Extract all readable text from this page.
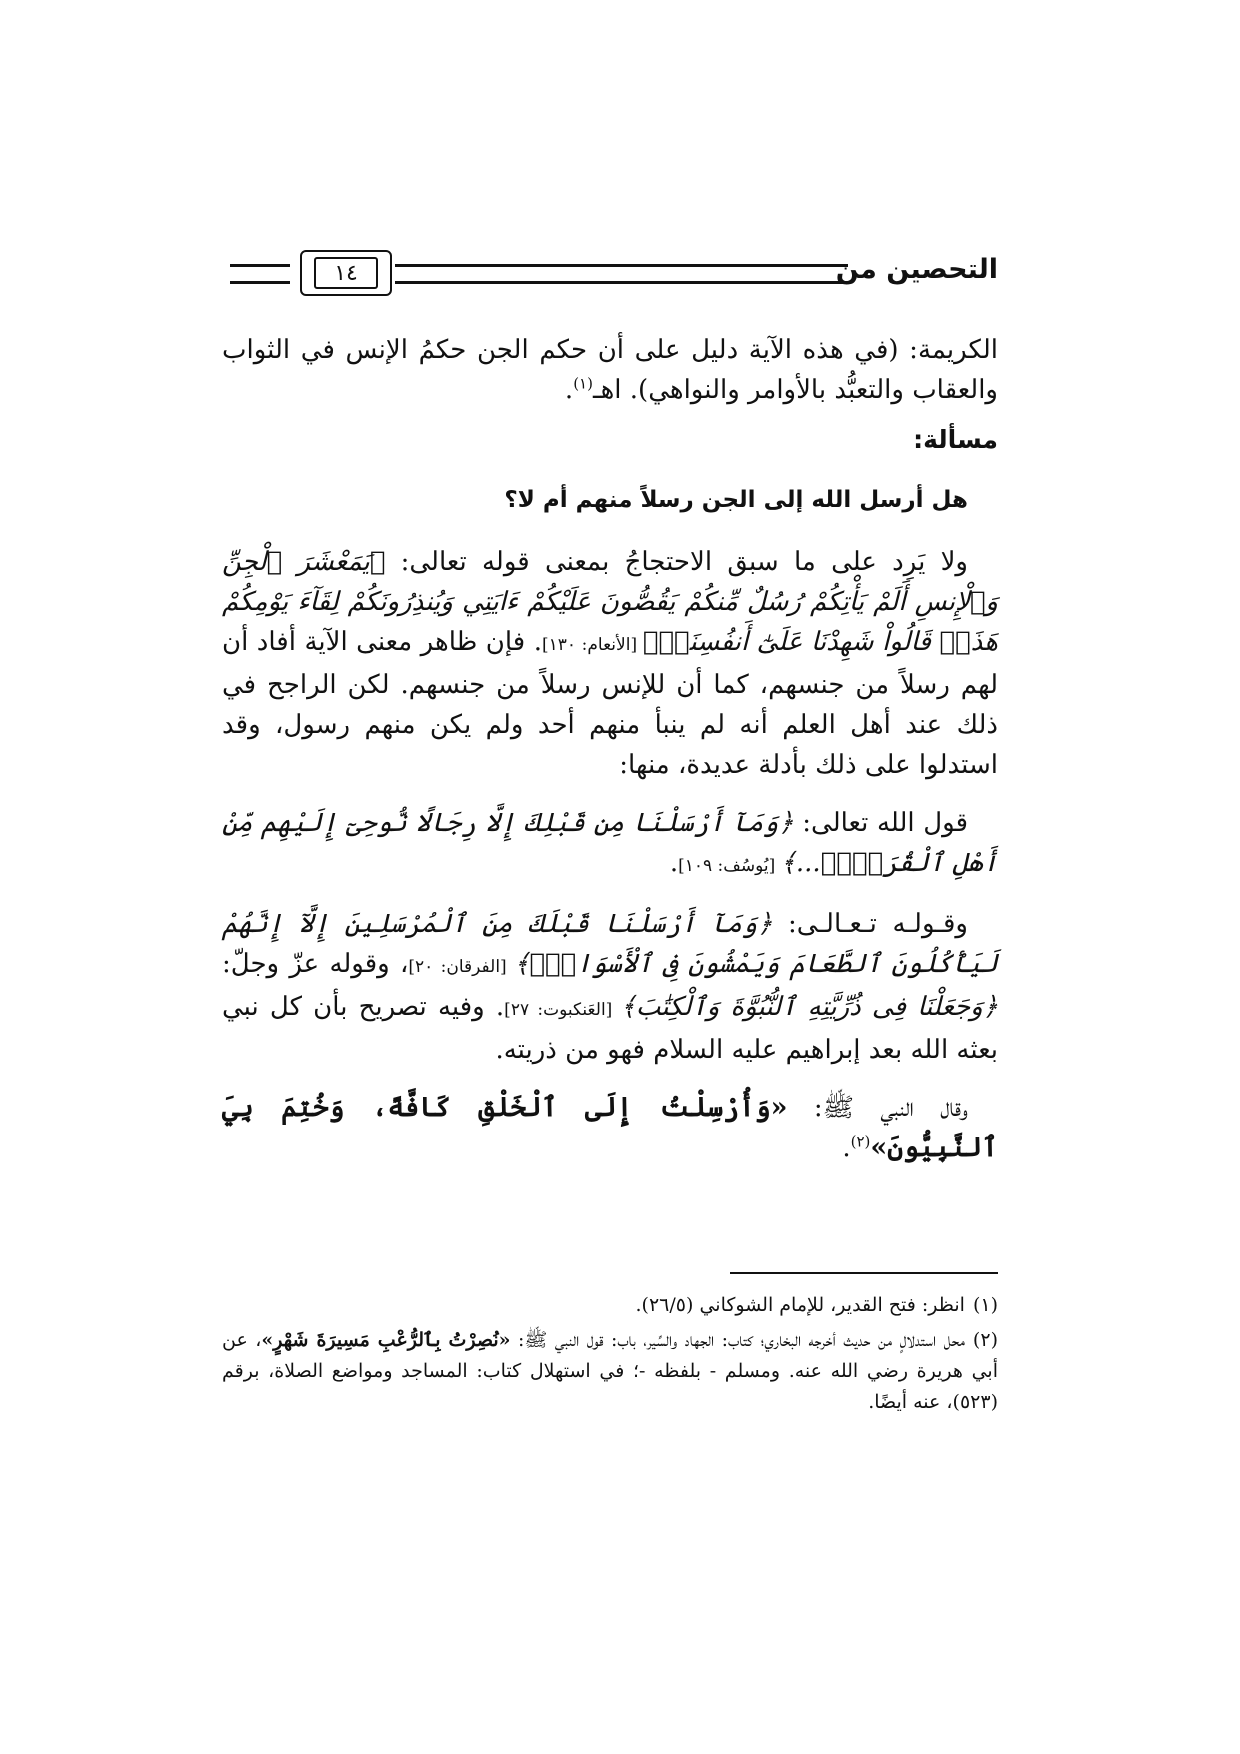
التحصين من
١٤

الكريمة: (في هذه الآية دليل على أن حكم الجن حكمُ الإنس في الثواب والعقاب والتعبُّد بالأوامر والنواهي). اهـ$^{(١)}$.

مسألة:

هل أرسل الله إلى الجن رسلاً منهم أم لا؟

ولا يَرِد على ما سبق الاحتجاجُ بمعنى قوله تعالى: ﴿يَمَعْشَرَ ٱلْجِنِّ وَٱلْإِنسِ أَلَمْ يَأْتِكُمْ رُسُلٌ مِّنكُمْ يَقُصُّونَ عَلَيْكُمْ ءَايَتِي وَيُنذِرُونَكُمْ لِقَآءَ يَوْمِكُمْ هَذَاۚ قَالُواْ شَهِدْنَا عَلَىٰٓ أَنفُسِنَاۖ﴾ [الأنعام: ١٣٠]. فإن ظاهر معنى الآية أفاد أن لهم رسلاً من جنسهم، كما أن للإنس رسلاً من جنسهم. لكن الراجح في ذلك عند أهل العلم أنه لم ينبأ منهم أحد ولم يكن منهم رسول، وقد استدلوا على ذلك بأدلة عديدة، منها:

قول الله تعالى: ﴿وَمَآ أَرْسَلْنَا مِن قَبْلِكَ إِلَّا رِجَالًا نُّوحِىٓ إِلَيْهِم مِّنْ أَهْلِ ٱلْقُرَىٰٓۗ...﴾ [يُوسُف: ١٠٩].

وقـولـه تـعـالـى: ﴿وَمَآ أَرْسَلْنَا قَبْلَكَ مِنَ ٱلْمُرْسَلِينَ إِلَّآ إِنَّهُمْ لَيَأْكُلُونَ ٱلطَّعَامَ وَيَمْشُونَ فِى ٱلْأَسْوَاقِۗ﴾ [الفرقان: ٢٠]، وقوله عزّ وجلّ: ﴿وَجَعَلْنَا فِى ذُرِّيَّتِهِ ٱلنُّبُوَّةَ وَٱلْكِتَٰبَ﴾ [العَنكبوت: ٢٧]. وفيه تصريح بأن كل نبي بعثه الله بعد إبراهيم عليه السلام فهو من ذريته.

وقال النبي ﷺ: «وَأُرْسِلْتُ إِلَى ٱلْخَلْقِ كَافَّةً، وَخُتِمَ بِيَ ٱلنَّبِيُّونَ»$^{(٢)}$.

(١)انظر: فتح القدير، للإمام الشوكاني (٢٦/٥).

(٢)محل استدلالٍ من حديث أخرجه البخاري؛ كتاب: الجهاد والسِّير، باب: قول النبي ﷺ: «نُصِرْتُ بِٱلرُّعْبِ مَسِيرَةَ شَهْرٍ»، عن أبي هريرة رضي الله عنه. ومسلم - بلفظه -؛ في استهلال كتاب: المساجد ومواضع الصلاة، برقم (٥٢٣)، عنه أيضًا.
